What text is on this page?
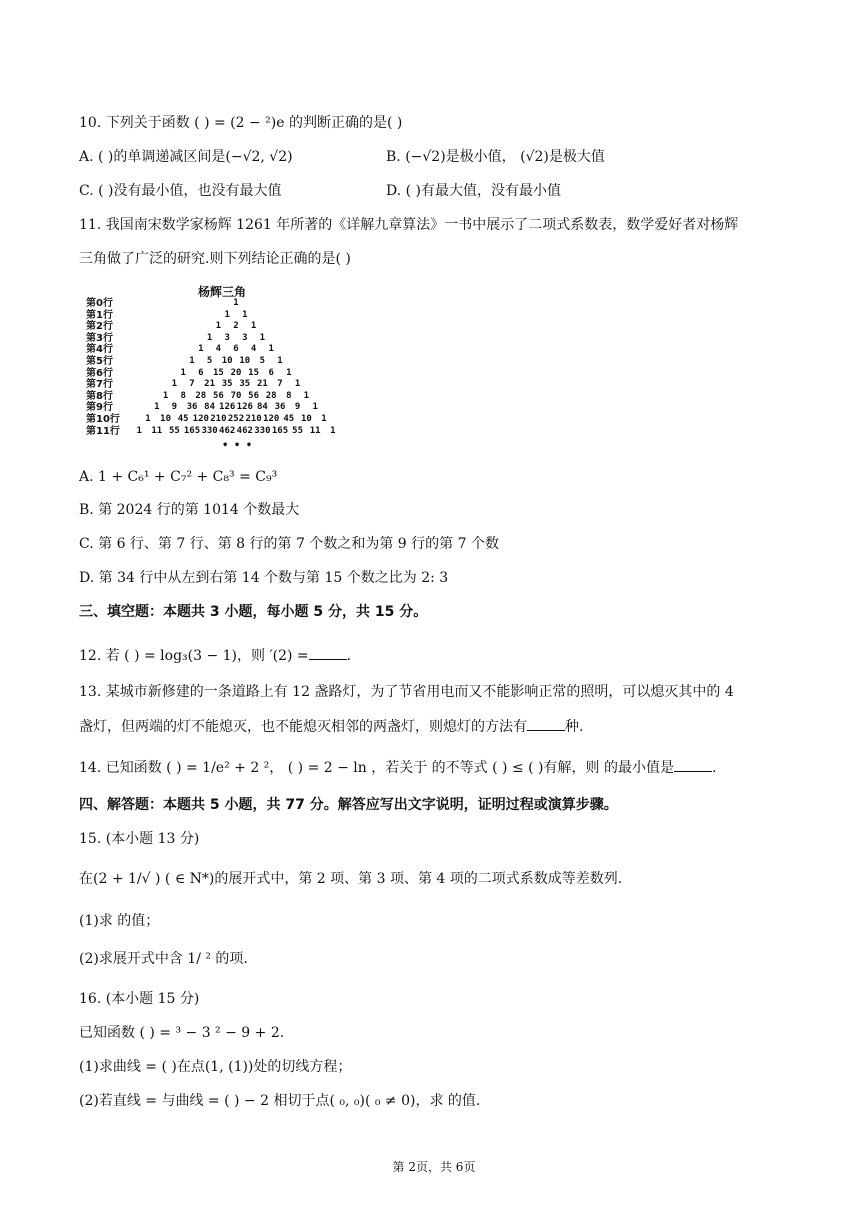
10. 下列关于函数 ( ) = (2 − ²)e 的判断正确的是( )
A. ( )的单调递减区间是(−√2, √2)	B. (−√2)是极小值， (√2)是极大值
C. ( )没有最小值，也没有最大值	D. ( )有最大值，没有最小值
11. 我国南宋数学家杨辉 1261 年所著的《详解九章算法》一书中展示了二项式系数表，数学爱好者对杨辉
三角做了广泛的研究.则下列结论正确的是( )
杨辉三角
第0行	1
第1行	1 1
第2行	1 2 1
第3行	1 3 3 1
第4行	1 4 6 4 1
第5行	1 5 10 10 5 1
第6行	1 6 15 20 15 6 1
第7行	1 7 21 35 35 21 7 1
第8行	1 8 28 56 70 56 28 8 1
第9行	1 9 36 84 126 126 84 36 9 1
第10行	1 10 45 120 210 252 210 120 45 10 1
第11行 1 11 55 165 330 462 462 330 165 55 11 1
• • •
A. 1 + C₆¹ + C₇² + C₈³ = C₉³
B. 第 2024 行的第 1014 个数最大
C. 第 6 行、第 7 行、第 8 行的第 7 个数之和为第 9 行的第 7 个数
D. 第 34 行中从左到右第 14 个数与第 15 个数之比为 2: 3
三、填空题：本题共 3 小题，每小题 5 分，共 15 分。
12. 若 ( ) = log₃(3 − 1)，则 ′(2) =	.
13. 某城市新修建的一条道路上有 12 盏路灯，为了节省用电而又不能影响正常的照明，可以熄灭其中的 4
盏灯，但两端的灯不能熄灭，也不能熄灭相邻的两盏灯，则熄灯的方法有	种.
14. 已知函数 ( ) = 1/e² + 2 ²， ( ) = 2 − ln ，若关于 的不等式 ( ) ≤ ( )有解，则 的最小值是	.
四、解答题：本题共 5 小题，共 77 分。解答应写出文字说明，证明过程或演算步骤。
15. (本小题 13 分)
在(2 + 1/√ ) ( ∈ N*)的展开式中，第 2 项、第 3 项、第 4 项的二项式系数成等差数列.
(1)求 的值；
(2)求展开式中含 1/ ² 的项.
16. (本小题 15 分)
已知函数 ( ) = ³ − 3 ² − 9 + 2.
(1)求曲线 = ( )在点(1, (1))处的切线方程；
(2)若直线 = 与曲线 = ( ) − 2 相切于点( ₀, ₀)( ₀ ≠ 0)，求 的值.
第 2页，共 6页
